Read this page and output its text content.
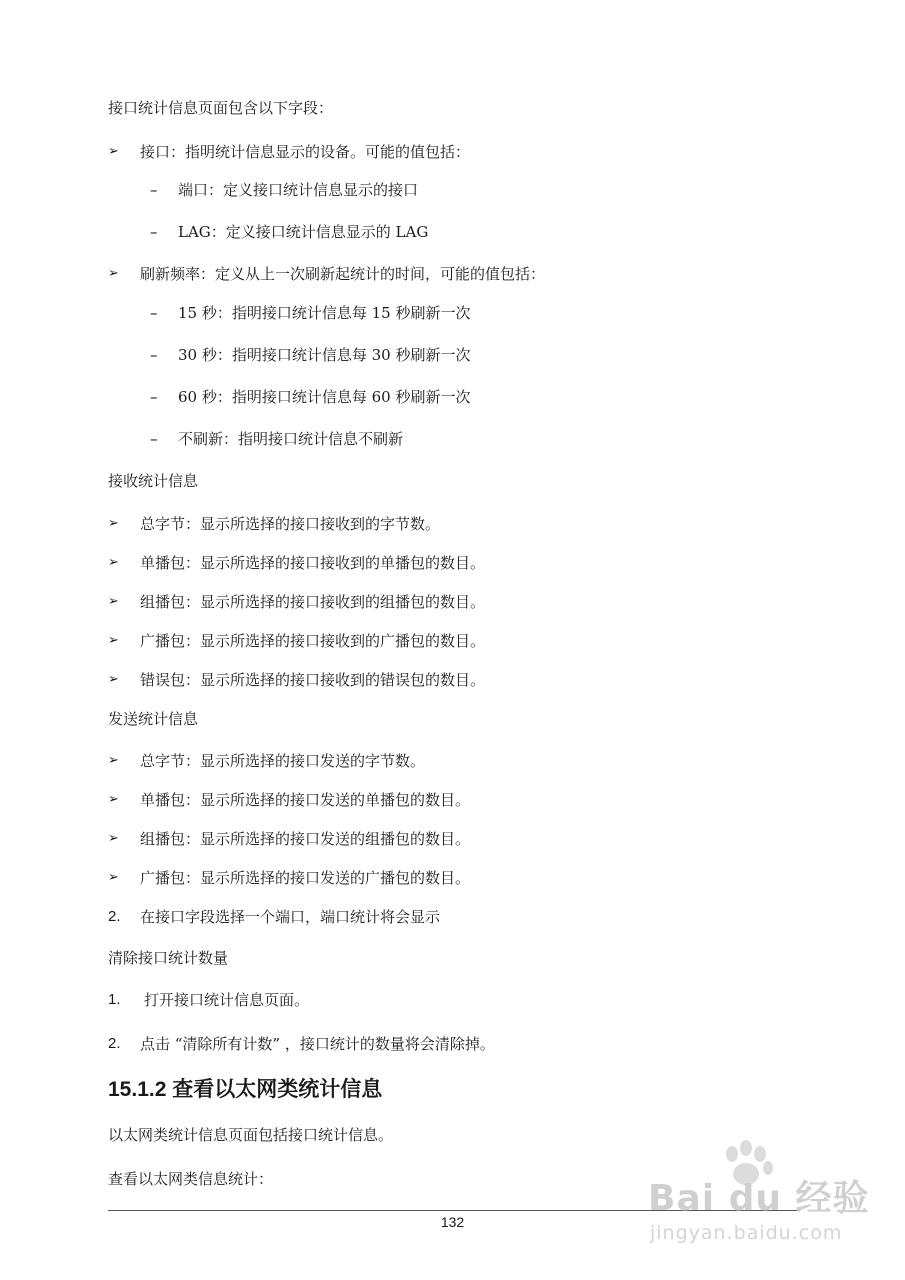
接口统计信息页面包含以下字段：
➢ 接口：指明统计信息显示的设备。可能的值包括：
– 端口：定义接口统计信息显示的接口
– LAG：定义接口统计信息显示的 LAG
➢ 刷新频率：定义从上一次刷新起统计的时间，可能的值包括：
– 15 秒：指明接口统计信息每 15 秒刷新一次
– 30 秒：指明接口统计信息每 30 秒刷新一次
– 60 秒：指明接口统计信息每 60 秒刷新一次
– 不刷新：指明接口统计信息不刷新
接收统计信息
➢ 总字节：显示所选择的接口接收到的字节数。
➢ 单播包：显示所选择的接口接收到的单播包的数目。
➢ 组播包：显示所选择的接口接收到的组播包的数目。
➢ 广播包：显示所选择的接口接收到的广播包的数目。
➢ 错误包：显示所选择的接口接收到的错误包的数目。
发送统计信息
➢ 总字节：显示所选择的接口发送的字节数。
➢ 单播包：显示所选择的接口发送的单播包的数目。
➢ 组播包：显示所选择的接口发送的组播包的数目。
➢ 广播包：显示所选择的接口发送的广播包的数目。
2. 在接口字段选择一个端口，端口统计将会显示
清除接口统计数量
1. 打开接口统计信息页面。
2. 点击 “清除所有计数” ，接口统计的数量将会清除掉。
15.1.2 查看以太网类统计信息
以太网类统计信息页面包括接口统计信息。
查看以太网类信息统计：
132
Bai du 经验
jingyan.baidu.com
